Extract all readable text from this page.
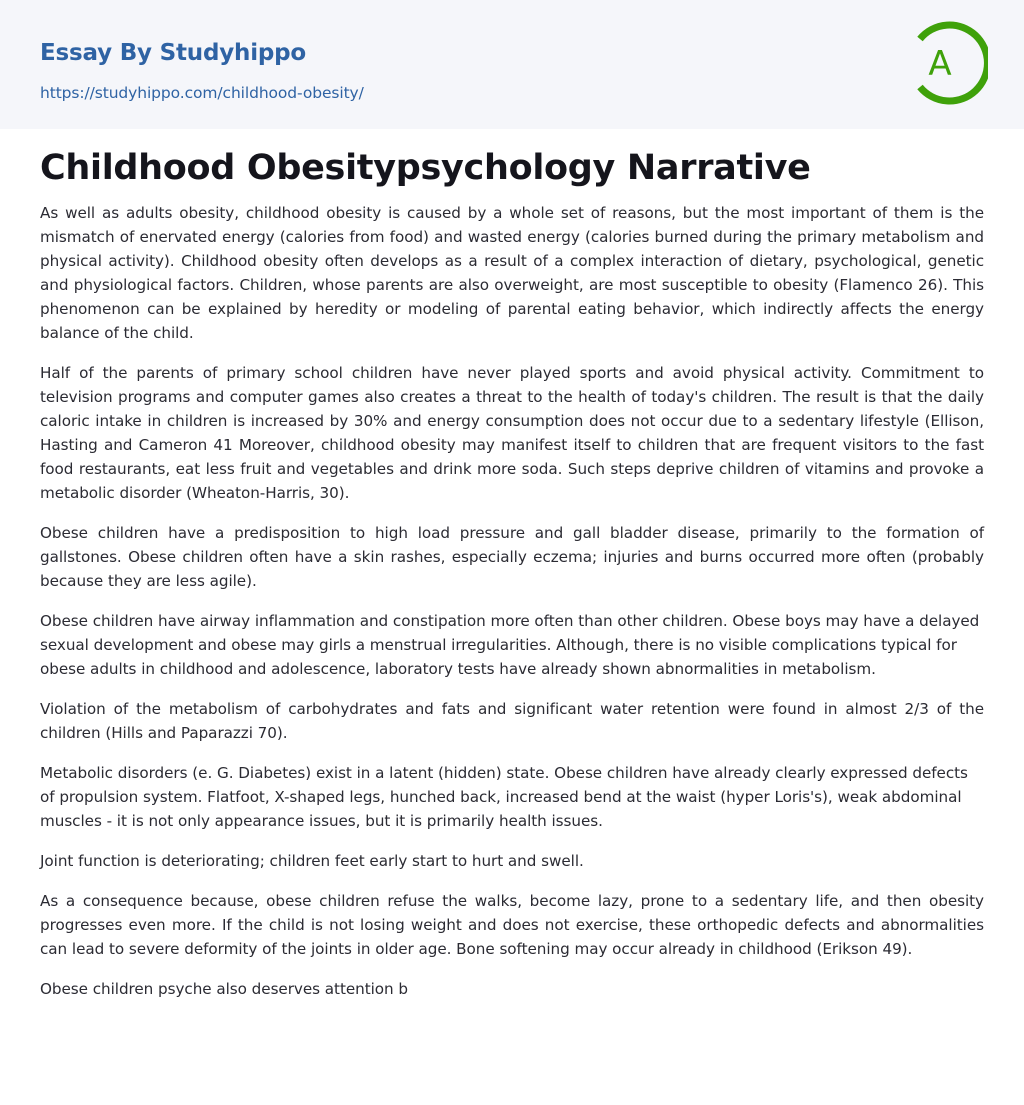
Essay By Studyhippo
https://studyhippo.com/childhood-obesity/
A
Childhood Obesitypsychology Narrative

As well as adults obesity, childhood obesity is caused by a whole set of reasons, but the most important of them is the mismatch of enervated energy (calories from food) and wasted energy (calories burned during the primary metabolism and physical activity). Childhood obesity often develops as a result of a complex interaction of dietary, psychological, genetic and physiological factors. Children, whose parents are also overweight, are most susceptible to obesity (Flamenco 26). This phenomenon can be explained by heredity or modeling of parental eating behavior, which indirectly affects the energy balance of the child.

Half of the parents of primary school children have never played sports and avoid physical activity. Commitment to television programs and computer games also creates a threat to the health of today's children. The result is that the daily caloric intake in children is increased by 30% and energy consumption does not occur due to a sedentary lifestyle (Ellison, Hasting and Cameron 41 Moreover, childhood obesity may manifest itself to children that are frequent visitors to the fast food restaurants, eat less fruit and vegetables and drink more soda. Such steps deprive children of vitamins and provoke a metabolic disorder (Wheaton-Harris, 30).

Obese children have a predisposition to high load pressure and gall bladder disease, primarily to the formation of gallstones. Obese children often have a skin rashes, especially eczema; injuries and burns occurred more often (probably because they are less agile).

Obese children have airway inflammation and constipation more often than other children. Obese boys may have a delayed sexual development and obese may girls a menstrual irregularities. Although, there is no visible complications typical for obese adults in childhood and adolescence, laboratory tests have already shown abnormalities in metabolism.

Violation of the metabolism of carbohydrates and fats and significant water retention were found in almost 2/3 of the children (Hills and Paparazzi 70).

Metabolic disorders (e. G. Diabetes) exist in a latent (hidden) state. Obese children have already clearly expressed defects of propulsion system. Flatfoot, X-shaped legs, hunched back, increased bend at the waist (hyper Loris's), weak abdominal muscles - it is not only appearance issues, but it is primarily health issues.

Joint function is deteriorating; children feet early start to hurt and swell.

As a consequence because, obese children refuse the walks, become lazy, prone to a sedentary life, and then obesity progresses even more. If the child is not losing weight and does not exercise, these orthopedic defects and abnormalities can lead to severe deformity of the joints in older age. Bone softening may occur already in childhood (Erikson 49).

Obese children psyche also deserves attention b
